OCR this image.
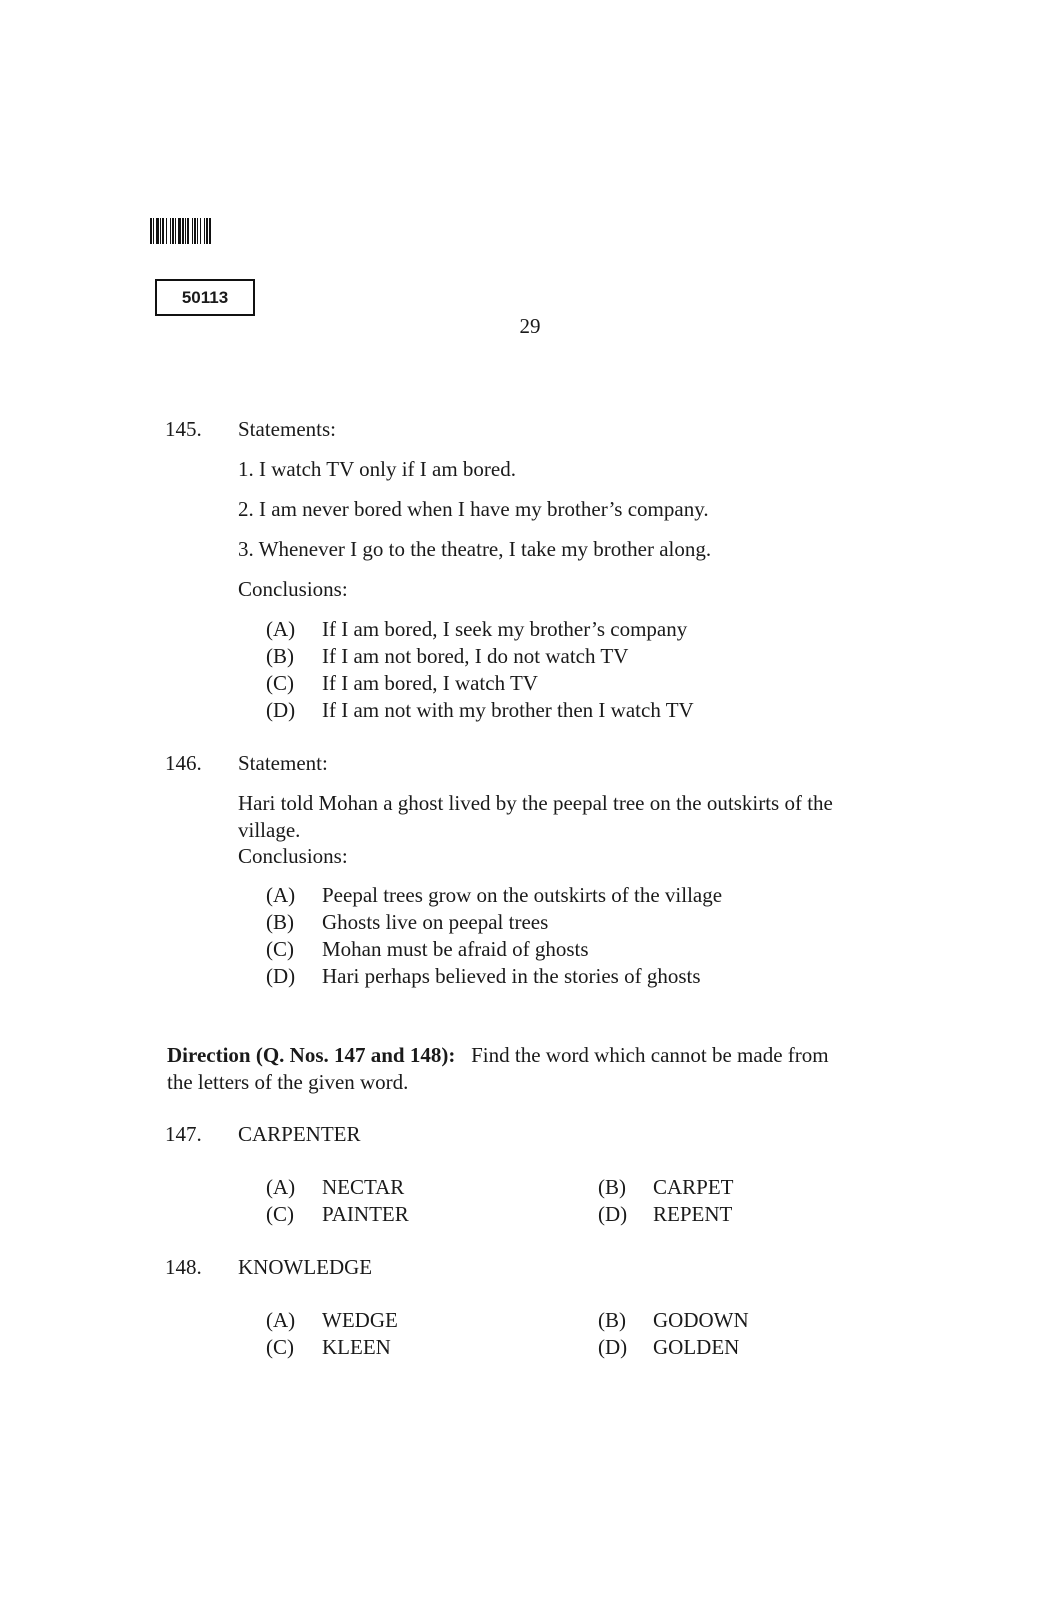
50113
29
145. Statements:
1. I watch TV only if I am bored.
2. I am never bored when I have my brother’s company.
3. Whenever I go to the theatre, I take my brother along.
Conclusions:
(A) If I am bored, I seek my brother’s company
(B) If I am not bored, I do not watch TV
(C) If I am bored, I watch TV
(D) If I am not with my brother then I watch TV
146. Statement:
Hari told Mohan a ghost lived by the peepal tree on the outskirts of the
village.
Conclusions:
(A) Peepal trees grow on the outskirts of the village
(B) Ghosts live on peepal trees
(C) Mohan must be afraid of ghosts
(D) Hari perhaps believed in the stories of ghosts
Direction (Q. Nos. 147 and 148): Find the word which cannot be made from
the letters of the given word.
147. CARPENTER
(A) NECTAR	(B) CARPET
(C) PAINTER	(D) REPENT
148. KNOWLEDGE
(A) WEDGE	(B) GODOWN
(C) KLEEN	(D) GOLDEN
